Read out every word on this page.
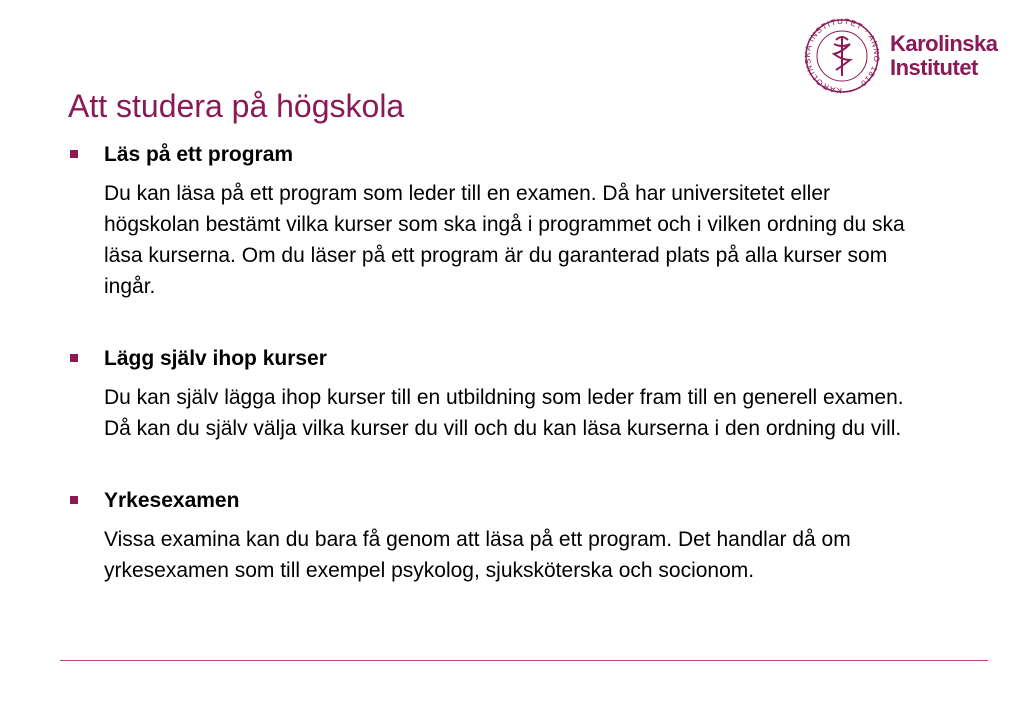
KAROLINSKA INSTITUTET · ANNO 1810
Karolinska
Institutet
Att studera på högskola
Läs på ett program
Du kan läsa på ett program som leder till en examen. Då har universitetet eller högskolan bestämt vilka kurser som ska ingå i programmet och i vilken ordning du ska läsa kurserna. Om du läser på ett program är du garanterad plats på alla kurser som ingår.
Lägg själv ihop kurser
Du kan själv lägga ihop kurser till en utbildning som leder fram till en generell examen. Då kan du själv välja vilka kurser du vill och du kan läsa kurserna i den ordning du vill.
Yrkesexamen
Vissa examina kan du bara få genom att läsa på ett program. Det handlar då om yrkesexamen som till exempel psykolog, sjuksköterska och socionom.
